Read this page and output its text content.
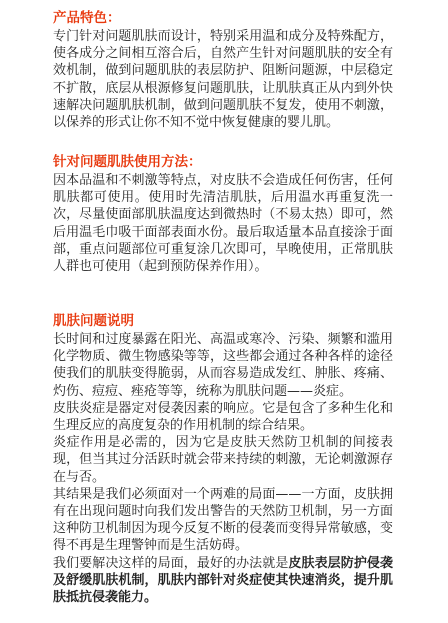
产品特色：
专门针对问题肌肤而设计，特别采用温和成分及特殊配方，使各成分之间相互溶合后，自然产生针对问题肌肤的安全有效机制，做到问题肌肤的表层防护、阻断问题源，中层稳定不扩散，底层从根源修复问题肌肤，让肌肤真正从内到外快速解决问题肌肤机制，做到问题肌肤不复发，使用不刺激，以保养的形式让你不知不觉中恢复健康的婴儿肌。
针对问题肌肤使用方法：
因本品温和不刺激等特点，对皮肤不会造成任何伤害，任何肌肤都可使用。使用时先清洁肌肤，后用温水再重复洗一次，尽量使面部肌肤温度达到微热时（不易太热）即可，然后用温毛巾吸干面部表面水份。最后取适量本品直接涂于面部，重点问题部位可重复涂几次即可，早晚使用，正常肌肤人群也可使用（起到预防保养作用）。
肌肤问题说明
长时间和过度暴露在阳光、高温或寒冷、污染、频繁和滥用化学物质、微生物感染等等，这些都会通过各种各样的途径使我们的肌肤变得脆弱，从而容易造成发红、肿胀、疼痛、灼伤、痘痘、痤疮等等，统称为肌肤问题——炎症。
皮肤炎症是器定对侵袭因素的响应。它是包含了多种生化和生理反应的高度复杂的作用机制的综合结果。
炎症作用是必需的，因为它是皮肤天然防卫机制的间接表现，但当其过分活跃时就会带来持续的刺激，无论刺激源存在与否。
其结果是我们必须面对一个两难的局面——一方面，皮肤拥有在出现问题时向我们发出警告的天然防卫机制，另一方面这种防卫机制因为现今反复不断的侵袭而变得异常敏感，变得不再是生理警钟而是生活妨碍。
我们要解决这样的局面，最好的办法就是皮肤表层防护侵袭及舒缓肌肤机制，肌肤内部针对炎症使其快速消炎，提升肌肤抵抗侵袭能力。
